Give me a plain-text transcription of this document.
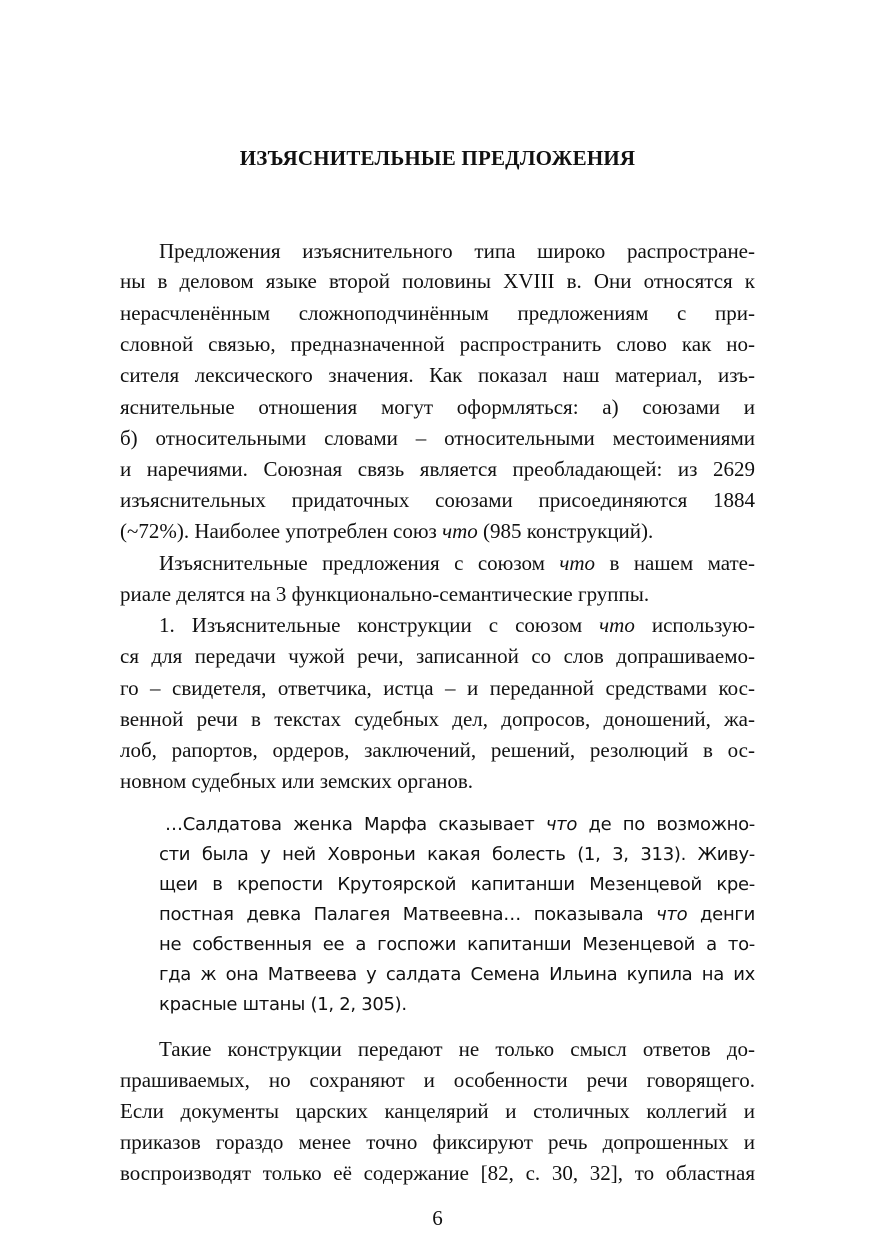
ИЗЪЯСНИТЕЛЬНЫЕ ПРЕДЛОЖЕНИЯ
Предложения изъяснительного типа широко распростране-
ны в деловом языке второй половины XVIII в. Они относятся к
нерасчленённым сложноподчинённым предложениям с при-
словной связью, предназначенной распространить слово как но-
сителя лексического значения. Как показал наш материал, изъ-
яснительные отношения могут оформляться: а) союзами и
б) относительными словами – относительными местоимениями
и наречиями. Союзная связь является преобладающей: из 2629
изъяснительных придаточных союзами присоединяются 1884
(~72%). Наиболее употреблен союз что (985 конструкций).
Изъяснительные предложения с союзом что в нашем мате-
риале делятся на 3 функционально-семантические группы.
1. Изъяснительные конструкции с союзом что использую-
ся для передачи чужой речи, записанной со слов допрашиваемо-
го – свидетеля, ответчика, истца – и переданной средствами кос-
венной речи в текстах судебных дел, допросов, доношений, жа-
лоб, рапортов, ордеров, заключений, решений, резолюций в ос-
новном судебных или земских органов.
…Салдатова женка Марфа сказывает что де по возможно-
сти была у ней Ховроньи какая болесть (1, 3, 313). Живу-
щеи в крепости Крутоярской капитанши Мезенцевой кре-
постная девка Палагея Матвеевна… показывала что денги
не собственныя ее а госпожи капитанши Мезенцевой а то-
гда ж она Матвеева у салдата Семена Ильина купила на их
красные штаны (1, 2, 305).
Такие конструкции передают не только смысл ответов до-
прашиваемых, но сохраняют и особенности речи говорящего.
Если документы царских канцелярий и столичных коллегий и
приказов гораздо менее точно фиксируют речь допрошенных и
воспроизводят только её содержание [82, с. 30, 32], то областная
6
